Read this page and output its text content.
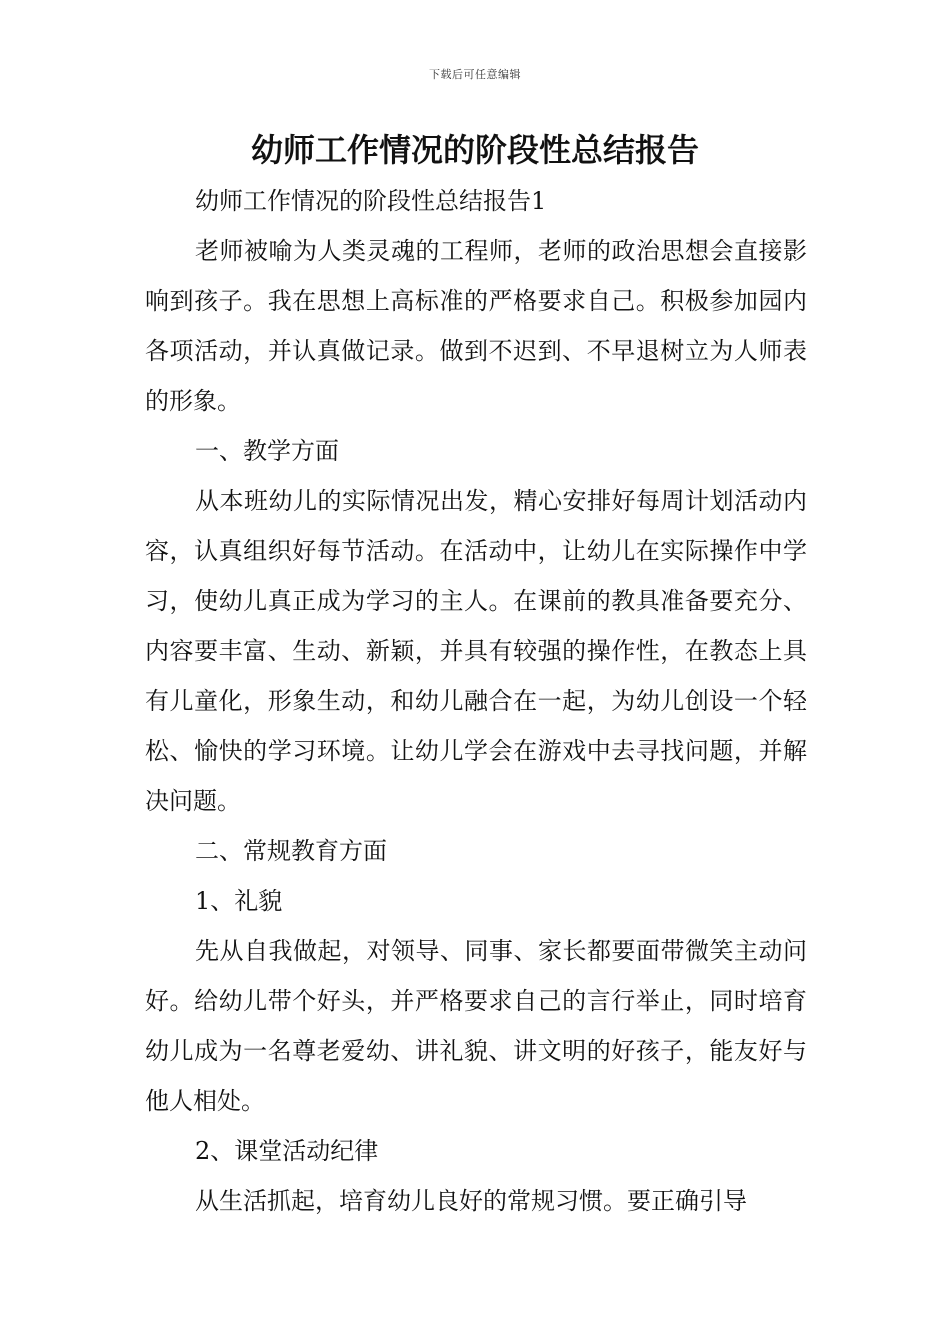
下载后可任意编辑
幼师工作情况的阶段性总结报告

幼师工作情况的阶段性总结报告1

老师被喻为人类灵魂的工程师，老师的政治思想会直接影响到孩子。我在思想上高标准的严格要求自己。积极参加园内各项活动，并认真做记录。做到不迟到、不早退树立为人师表的形象。

一、教学方面

从本班幼儿的实际情况出发，精心安排好每周计划活动内容，认真组织好每节活动。在活动中，让幼儿在实际操作中学习，使幼儿真正成为学习的主人。在课前的教具准备要充分、内容要丰富、生动、新颖，并具有较强的操作性，在教态上具有儿童化，形象生动，和幼儿融合在一起，为幼儿创设一个轻松、愉快的学习环境。让幼儿学会在游戏中去寻找问题，并解决问题。

二、常规教育方面

1、礼貌

先从自我做起，对领导、同事、家长都要面带微笑主动问好。给幼儿带个好头，并严格要求自己的言行举止，同时培育幼儿成为一名尊老爱幼、讲礼貌、讲文明的好孩子，能友好与他人相处。

2、课堂活动纪律

从生活抓起，培育幼儿良好的常规习惯。要正确引导
